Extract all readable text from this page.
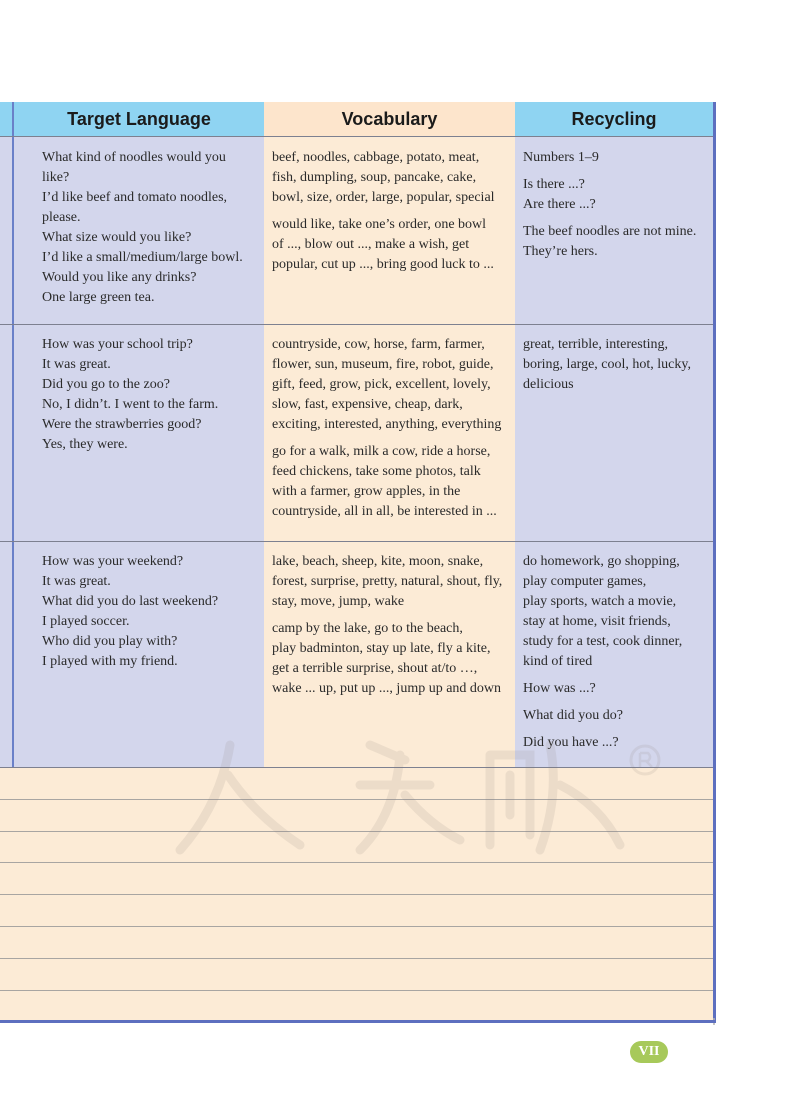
Target Language	Vocabulary	Recycling
What kind of noodles would you
like?
I’d like beef and tomato noodles,
please.
What size would you like?
I’d like a small/medium/large bowl.
Would you like any drinks?
One large green tea.
beef, noodles, cabbage, potato, meat,
fish, dumpling, soup, pancake, cake,
bowl, size, order, large, popular, special
would like, take one’s order, one bowl
of ..., blow out ..., make a wish, get
popular, cut up ..., bring good luck to ...
Numbers 1–9
Is there ...?
Are there ...?
The beef noodles are not mine.
They’re hers.
How was your school trip?
It was great.
Did you go to the zoo?
No, I didn’t. I went to the farm.
Were the strawberries good?
Yes, they were.
countryside, cow, horse, farm, farmer,
flower, sun, museum, fire, robot, guide,
gift, feed, grow, pick, excellent, lovely,
slow, fast, expensive, cheap, dark,
exciting, interested, anything, everything
go for a walk, milk a cow, ride a horse,
feed chickens, take some photos, talk
with a farmer, grow apples, in the
countryside, all in all, be interested in ...
great, terrible, interesting,
boring, large, cool, hot, lucky,
delicious
How was your weekend?
It was great.
What did you do last weekend?
I played soccer.
Who did you play with?
I played with my friend.
lake, beach, sheep, kite, moon, snake,
forest, surprise, pretty, natural, shout, fly,
stay, move, jump, wake
camp by the lake, go to the beach,
play badminton, stay up late, fly a kite,
get a terrible surprise, shout at/to …,
wake ... up, put up ..., jump up and down
do homework, go shopping,
play computer games,
play sports, watch a movie,
stay at home, visit friends,
study for a test, cook dinner,
kind of tired
How was ...?
What did you do?
Did you have ...?
VII
